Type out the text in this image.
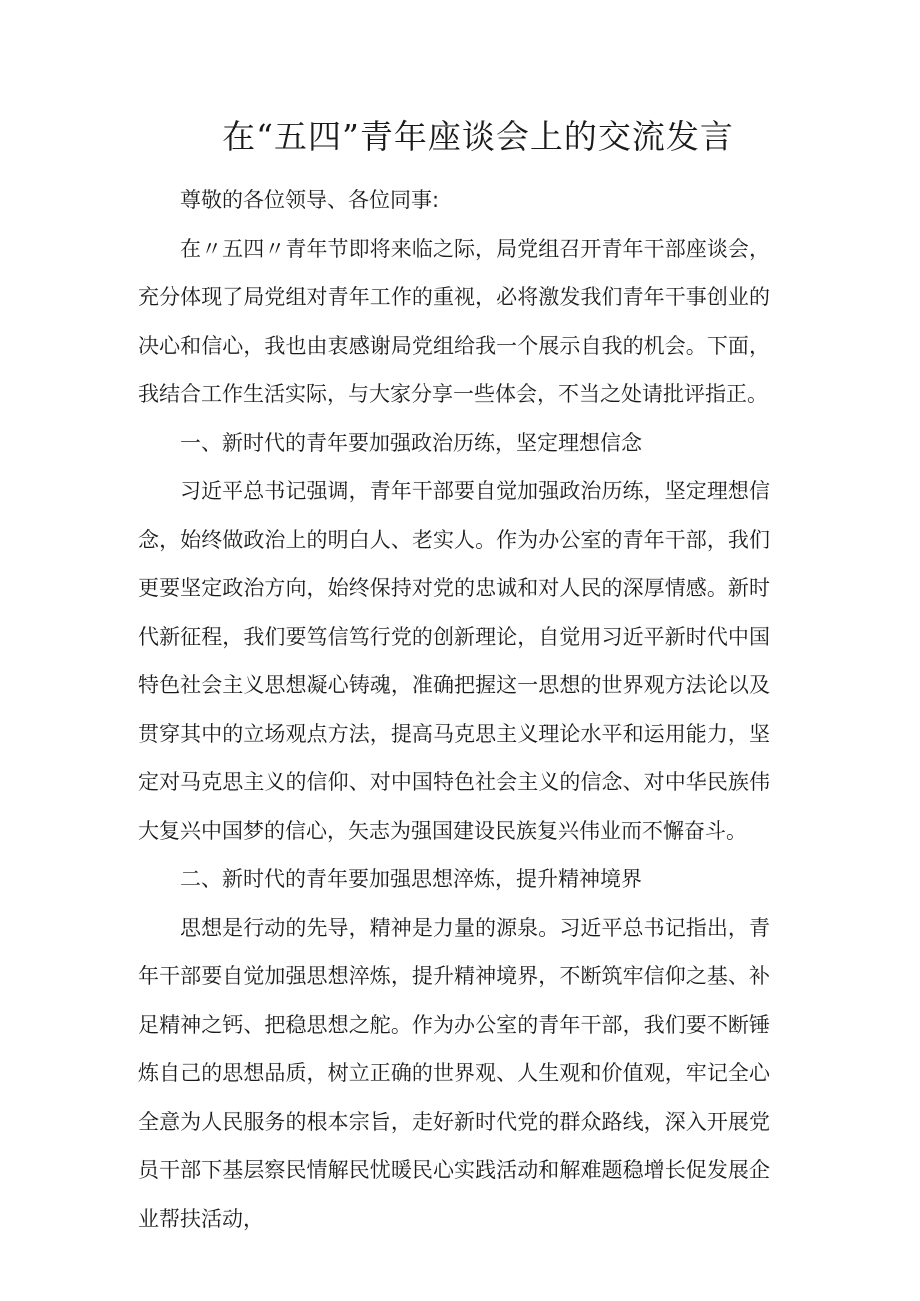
在“五四”青年座谈会上的交流发言

尊敬的各位领导、各位同事:

在〃五四〃青年节即将来临之际，局党组召开青年干部座谈会，充分体现了局党组对青年工作的重视，必将激发我们青年干事创业的决心和信心，我也由衷感谢局党组给我一个展示自我的机会。下面，我结合工作生活实际，与大家分享一些体会，不当之处请批评指正。

一、新时代的青年要加强政治历练，坚定理想信念

习近平总书记强调，青年干部要自觉加强政治历练，坚定理想信念，始终做政治上的明白人、老实人。作为办公室的青年干部，我们更要坚定政治方向，始终保持对党的忠诚和对人民的深厚情感。新时代新征程，我们要笃信笃行党的创新理论，自觉用习近平新时代中国特色社会主义思想凝心铸魂，准确把握这一思想的世界观方法论以及贯穿其中的立场观点方法，提高马克思主义理论水平和运用能力，坚定对马克思主义的信仰、对中国特色社会主义的信念、对中华民族伟大复兴中国梦的信心，矢志为强国建设民族复兴伟业而不懈奋斗。

二、新时代的青年要加强思想淬炼，提升精神境界

思想是行动的先导，精神是力量的源泉。习近平总书记指出，青年干部要自觉加强思想淬炼，提升精神境界，不断筑牢信仰之基、补足精神之钙、把稳思想之舵。作为办公室的青年干部，我们要不断锤炼自己的思想品质，树立正确的世界观、人生观和价值观，牢记全心全意为人民服务的根本宗旨，走好新时代党的群众路线，深入开展党员干部下基层察民情解民忧暖民心实践活动和解难题稳增长促发展企业帮扶活动，
